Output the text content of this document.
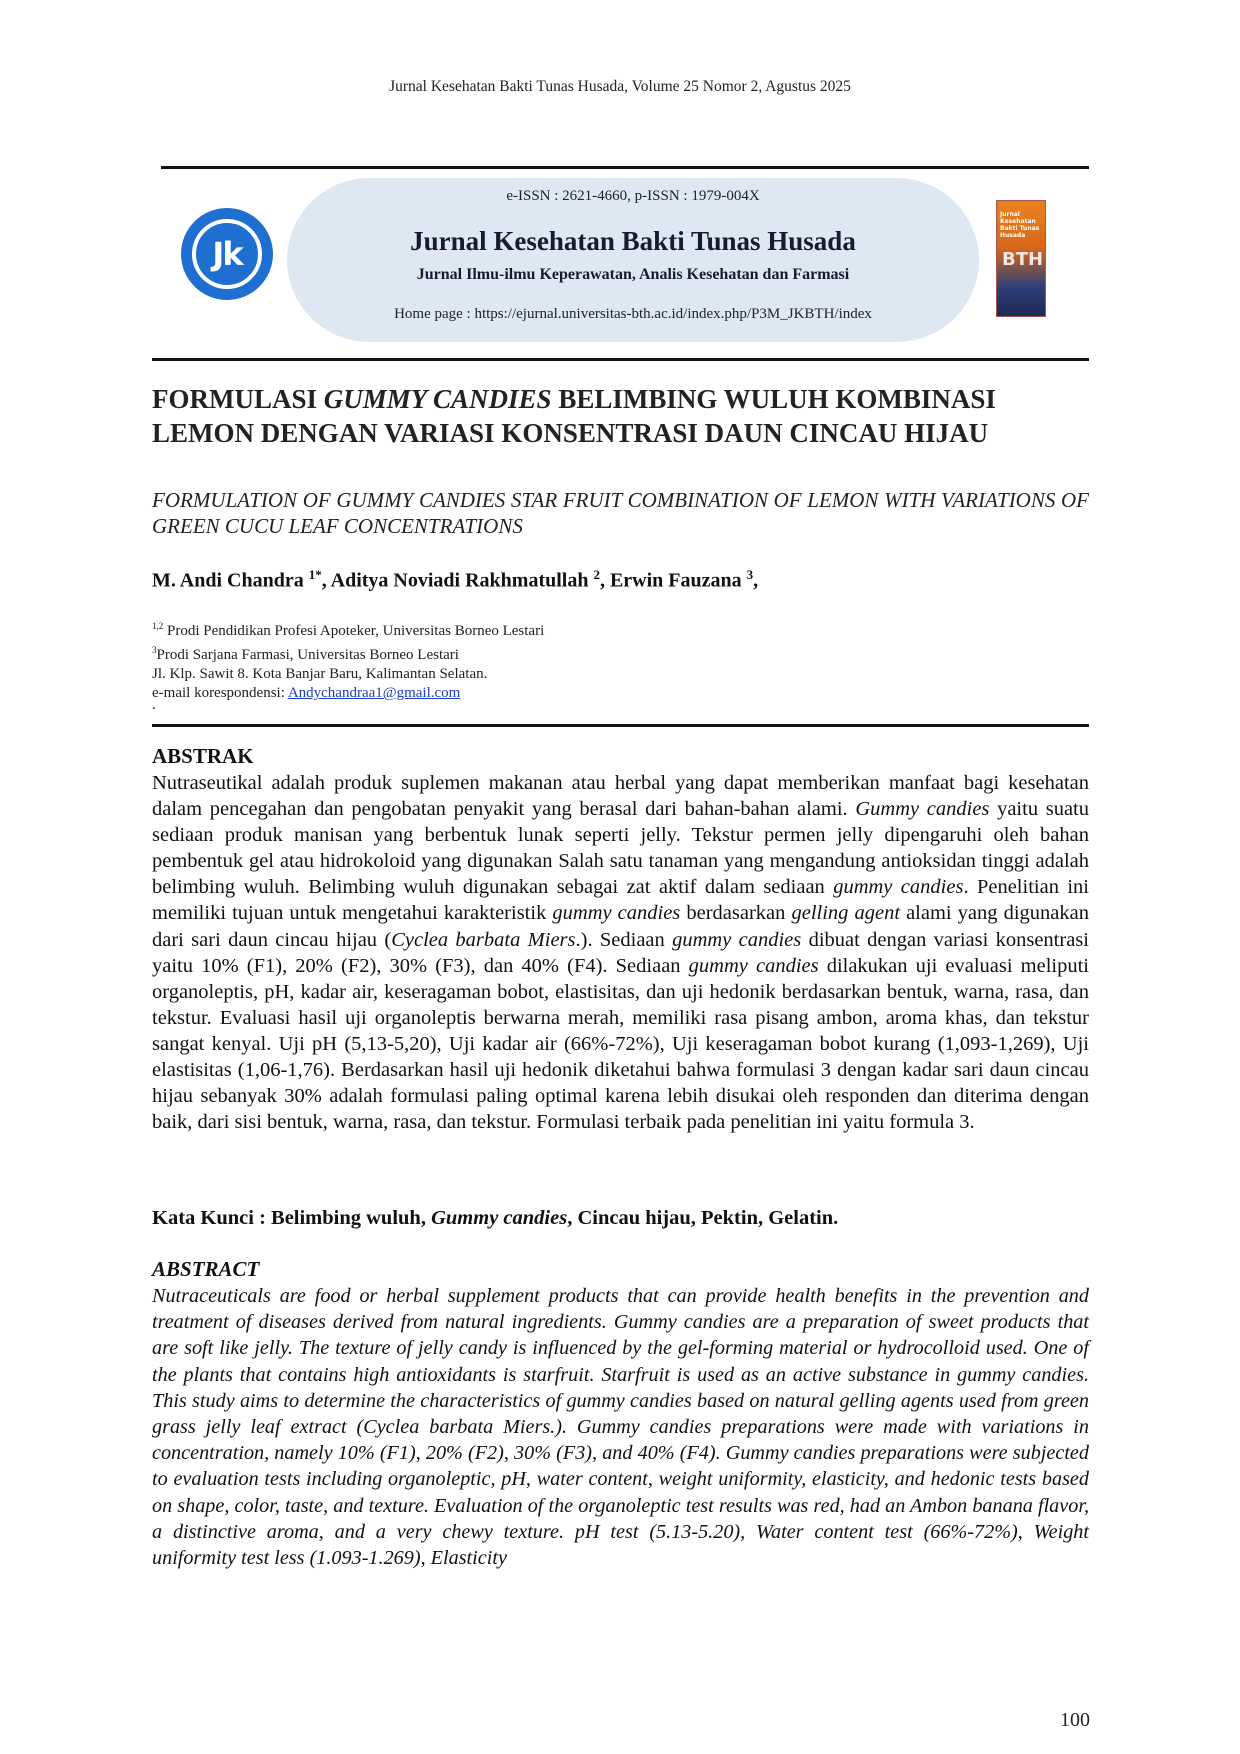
Jurnal Kesehatan Bakti Tunas Husada, Volume 25 Nomor 2, Agustus 2025
Jk
e-ISSN : 2621-4660, p-ISSN : 1979-004X
Jurnal Kesehatan Bakti Tunas Husada
Jurnal Ilmu-ilmu Keperawatan, Analis Kesehatan dan Farmasi
Home page : https://ejurnal.universitas-bth.ac.id/index.php/P3M_JKBTH/index
Jurnal Kesehatan Bakti Tunas Husada
BTH
FORMULASI GUMMY CANDIES BELIMBING WULUH KOMBINASI LEMON DENGAN VARIASI KONSENTRASI DAUN CINCAU HIJAU

FORMULATION OF GUMMY CANDIES STAR FRUIT COMBINATION OF LEMON WITH VARIATIONS OF GREEN CUCU LEAF CONCENTRATIONS

M. Andi Chandra $^{1*}$, Aditya Noviadi Rakhmatullah $^2$, Erwin Fauzana $^3$,
$^{1,2}$ Prodi Pendidikan Profesi Apoteker, Universitas Borneo Lestari
$^3$Prodi Sarjana Farmasi, Universitas Borneo Lestari
Jl. Klp. Sawit 8. Kota Banjar Baru, Kalimantan Selatan.
e-mail korespondensi: Andychandraa1@gmail.com
.
ABSTRAK

Nutraseutikal adalah produk suplemen makanan atau herbal yang dapat memberikan manfaat bagi kesehatan dalam pencegahan dan pengobatan penyakit yang berasal dari bahan-bahan alami. Gummy candies yaitu suatu sediaan produk manisan yang berbentuk lunak seperti jelly. Tekstur permen jelly dipengaruhi oleh bahan pembentuk gel atau hidrokoloid yang digunakan Salah satu tanaman yang mengandung antioksidan tinggi adalah belimbing wuluh. Belimbing wuluh digunakan sebagai zat aktif dalam sediaan gummy candies. Penelitian ini memiliki tujuan untuk mengetahui karakteristik gummy candies berdasarkan gelling agent alami yang digunakan dari sari daun cincau hijau (Cyclea barbata Miers.). Sediaan gummy candies dibuat dengan variasi konsentrasi yaitu 10% (F1), 20% (F2), 30% (F3), dan 40% (F4). Sediaan gummy candies dilakukan uji evaluasi meliputi organoleptis, pH, kadar air, keseragaman bobot, elastisitas, dan uji hedonik berdasarkan bentuk, warna, rasa, dan tekstur. Evaluasi hasil uji organoleptis berwarna merah, memiliki rasa pisang ambon, aroma khas, dan tekstur sangat kenyal. Uji pH (5,13-5,20), Uji kadar air (66%-72%), Uji keseragaman bobot kurang (1,093-1,269), Uji elastisitas (1,06-1,76). Berdasarkan hasil uji hedonik diketahui bahwa formulasi 3 dengan kadar sari daun cincau hijau sebanyak 30% adalah formulasi paling optimal karena lebih disukai oleh responden dan diterima dengan baik, dari sisi bentuk, warna, rasa, dan tekstur. Formulasi terbaik pada penelitian ini yaitu formula 3.

Kata Kunci : Belimbing wuluh, Gummy candies, Cincau hijau, Pektin, Gelatin.
ABSTRACT

Nutraceuticals are food or herbal supplement products that can provide health benefits in the prevention and treatment of diseases derived from natural ingredients. Gummy candies are a preparation of sweet products that are soft like jelly. The texture of jelly candy is influenced by the gel-forming material or hydrocolloid used. One of the plants that contains high antioxidants is starfruit. Starfruit is used as an active substance in gummy candies. This study aims to determine the characteristics of gummy candies based on natural gelling agents used from green grass jelly leaf extract (Cyclea barbata Miers.). Gummy candies preparations were made with variations in concentration, namely 10% (F1), 20% (F2), 30% (F3), and 40% (F4). Gummy candies preparations were subjected to evaluation tests including organoleptic, pH, water content, weight uniformity, elasticity, and hedonic tests based on shape, color, taste, and texture. Evaluation of the organoleptic test results was red, had an Ambon banana flavor, a distinctive aroma, and a very chewy texture. pH test (5.13-5.20), Water content test (66%-72%), Weight uniformity test less (1.093-1.269), Elasticity

100
